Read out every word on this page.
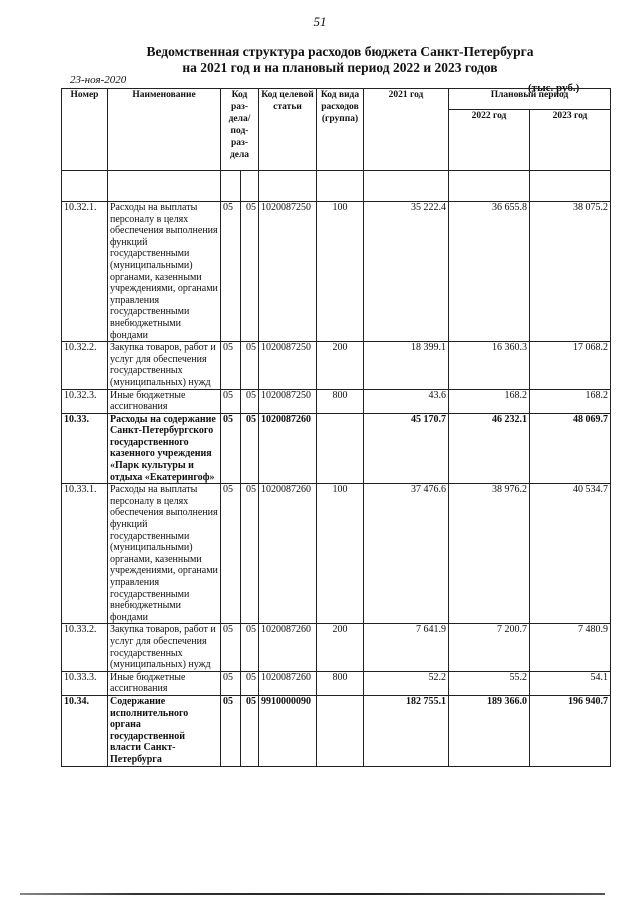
51
Ведомственная структура расходов бюджета Санкт-Петербурга
на 2021 год и на плановый период 2022 и 2023 годов
23-ноя-2020
(тыс. руб.)
Номер	Наименование	Код раз-дела/ под-раз-дела		Код целевой статьи	Код вида расходов (группа)	2021 год	Плановый период	
							2022 год	2023 год

10.32.1.	Расходы на выплаты персоналу в целях обеспечения выполнения функций государственными (муниципальными) органами, казенными учреждениями, органами управления государственными внебюджетными фондами	05	05	1020087250	100	35 222.4	36 655.8	38 075.2
10.32.2.	Закупка товаров, работ и услуг для обеспечения государственных (муниципальных) нужд	05	05	1020087250	200	18 399.1	16 360.3	17 068.2
10.32.3.	Иные бюджетные ассигнования	05	05	1020087250	800	43.6	168.2	168.2
10.33.	Расходы на содержание Санкт-Петербургского государственного казенного учреждения «Парк культуры и отдыха «Екатерингоф»	05	05	1020087260		45 170.7	46 232.1	48 069.7
10.33.1.	Расходы на выплаты персоналу в целях обеспечения выполнения функций государственными (муниципальными) органами, казенными учреждениями, органами управления государственными внебюджетными фондами	05	05	1020087260	100	37 476.6	38 976.2	40 534.7
10.33.2.	Закупка товаров, работ и услуг для обеспечения государственных (муниципальных) нужд	05	05	1020087260	200	7 641.9	7 200.7	7 480.9
10.33.3.	Иные бюджетные ассигнования	05	05	1020087260	800	52.2	55.2	54.1
10.34.	Содержание исполнительного органа государственной власти Санкт-Петербурга	05	05	9910000090		182 755.1	189 366.0	196 940.7
